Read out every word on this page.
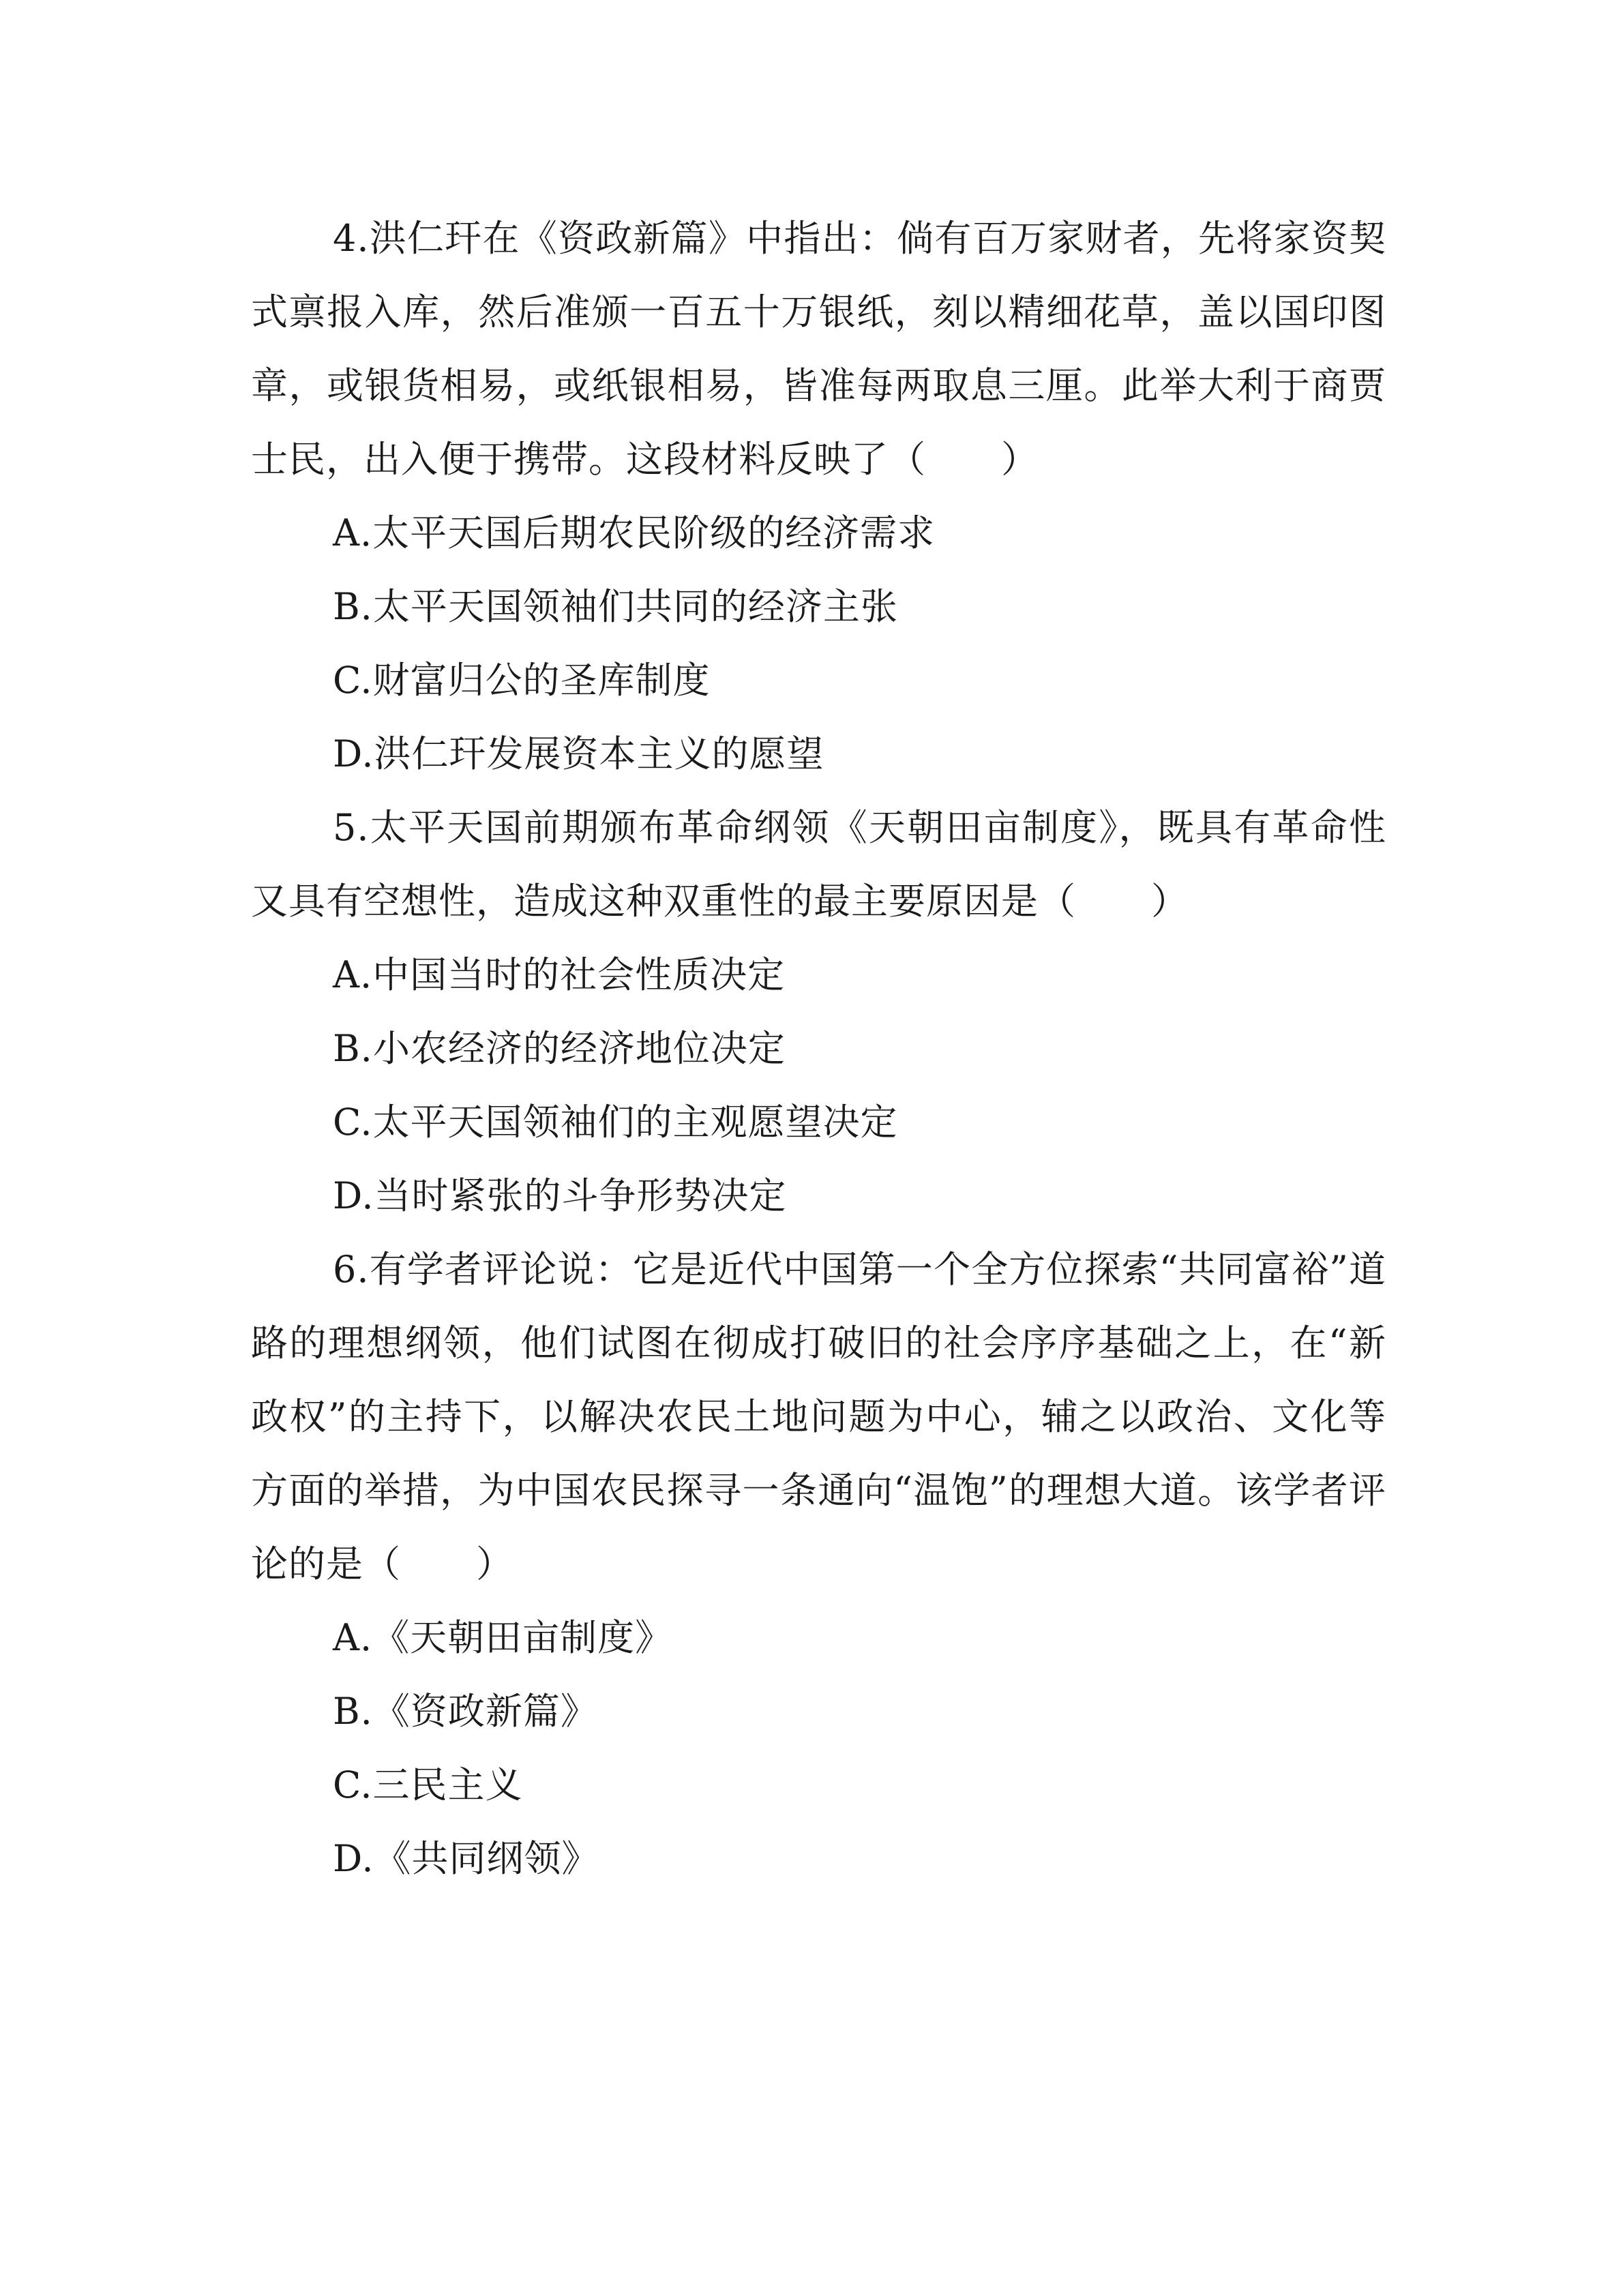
4.洪仁玕在《资政新篇》中指出：倘有百万家财者，先将家资契式禀报入库，然后准颁一百五十万银纸，刻以精细花草，盖以国印图章，或银货相易，或纸银相易，皆准每两取息三厘。此举大利于商贾士民，出入便于携带。这段材料反映了（　　）

A.太平天国后期农民阶级的经济需求
B.太平天国领袖们共同的经济主张
C.财富归公的圣库制度
D.洪仁玕发展资本主义的愿望

5.太平天国前期颁布革命纲领《天朝田亩制度》，既具有革命性又具有空想性，造成这种双重性的最主要原因是（　　）

A.中国当时的社会性质决定
B.小农经济的经济地位决定
C.太平天国领袖们的主观愿望决定
D.当时紧张的斗争形势决定

6.有学者评论说：它是近代中国第一个全方位探索“共同富裕”道路的理想纲领，他们试图在彻成打破旧的社会序序基础之上，在“新政权”的主持下，以解决农民土地问题为中心，辅之以政治、文化等方面的举措，为中国农民探寻一条通向“温饱”的理想大道。该学者评论的是（　　）

A.《天朝田亩制度》
B.《资政新篇》
C.三民主义
D.《共同纲领》
